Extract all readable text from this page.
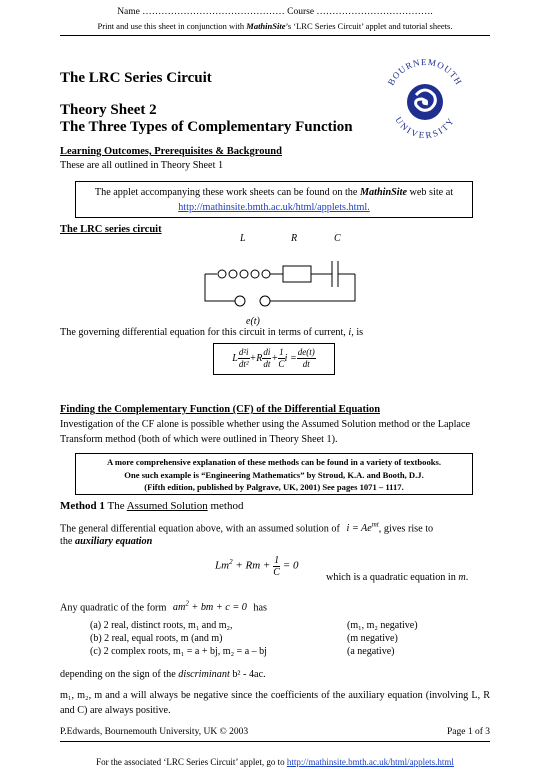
Name ……………………………………… Course ……………………………….
Print and use this sheet in conjunction with MathinSite’s ‘LRC Series Circuit’ applet and tutorial sheets.
The LRC Series Circuit
Theory Sheet 2
The Three Types of Complementary Function
BOURNEMOUTH
UNIVERSITY
Learning Outcomes, Prerequisites & Background
These are all outlined in Theory Sheet 1
The applet accompanying these work sheets can be found on the MathinSite web site at
http://mathinsite.bmth.ac.uk/html/applets.html.
The LRC series circuit
L	R	C
e(t)
The governing differential equation for this circuit in terms of current, i, is
L $\frac{\text{d²i}}{\text{dt²}} +R \frac{di}{dt} + \frac{1}{C}$ $i = \frac{de(t)}{dt}$
Finding the Complementary Function (CF) of the Differential Equation
Investigation of the CF alone is possible whether using the Assumed Solution method or the Laplace Transform method (both of which were outlined in Theory Sheet 1).
A more comprehensive explanation of these methods can be found in a variety of textbooks.
One such example is “Engineering Mathematics” by Stroud, K.A. and Booth, D.J.
(Fifth edition, published by Palgrave, UK, 2001) See pages 1071 – 1117.
Method 1 The Assumed Solution method
The general differential equation above, with an assumed solution of $i = Ae^{mt}$, gives rise to
the auxiliary equation
$Lm^2 + Rm + \frac{1}{C} = 0$
which is a quadratic equation in m.
Any quadratic of the form $am^2$ + bm + c = 0 has
(a) 2 real, distinct roots, m₁ and m₂,	(m₁, m₂ negative)
(b) 2 real, equal roots, m (and m)	(m negative)
(c) 2 complex roots, m₁ = a + bj, m₂ = a – bj	(a negative)
depending on the sign of the discriminant b² - 4ac.
m₁, m₂, m and a will always be negative since the coefficients of the auxiliary equation (involving L, R and C) are always positive.
P.Edwards, Bournemouth University, UK © 2003	Page 1 of 3
For the associated ‘LRC Series Circuit’ applet, go to http://mathinsite.bmth.ac.uk/html/applets.html
